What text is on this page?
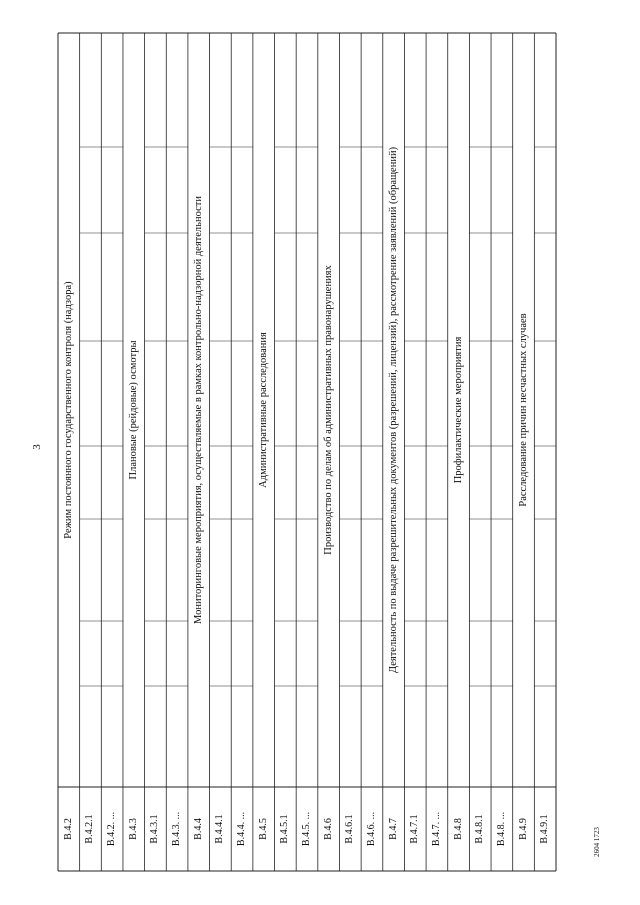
3
В.4.2
Режим постоянного государственного контроля (надзора)
В.4.2.1 В.4.2. ... В.4.3
Плановые (рейдовые) осмотры
В.4.3.1 В.4.3. ... В.4.4
Мониторинговые мероприятия, осуществляемые в рамках контрольно-надзорной деятельности
В.4.4.1 В.4.4. ... В.4.5
Административные расследования
В.4.5.1 В.4.5. ... В.4.6
Производство по делам об административных правонарушениях
В.4.6.1 В.4.6. ... В.4.7
Деятельность по выдаче разрешительных документов (разрешений, лицензий), рассмотрение заявлений (обращений)
В.4.7.1 В.4.7. ... В.4.8
Профилактические мероприятия
В.4.8.1 В.4.8. ... В.4.9
Расследование причин несчастных случаев
В.4.9.1	2604 1723
